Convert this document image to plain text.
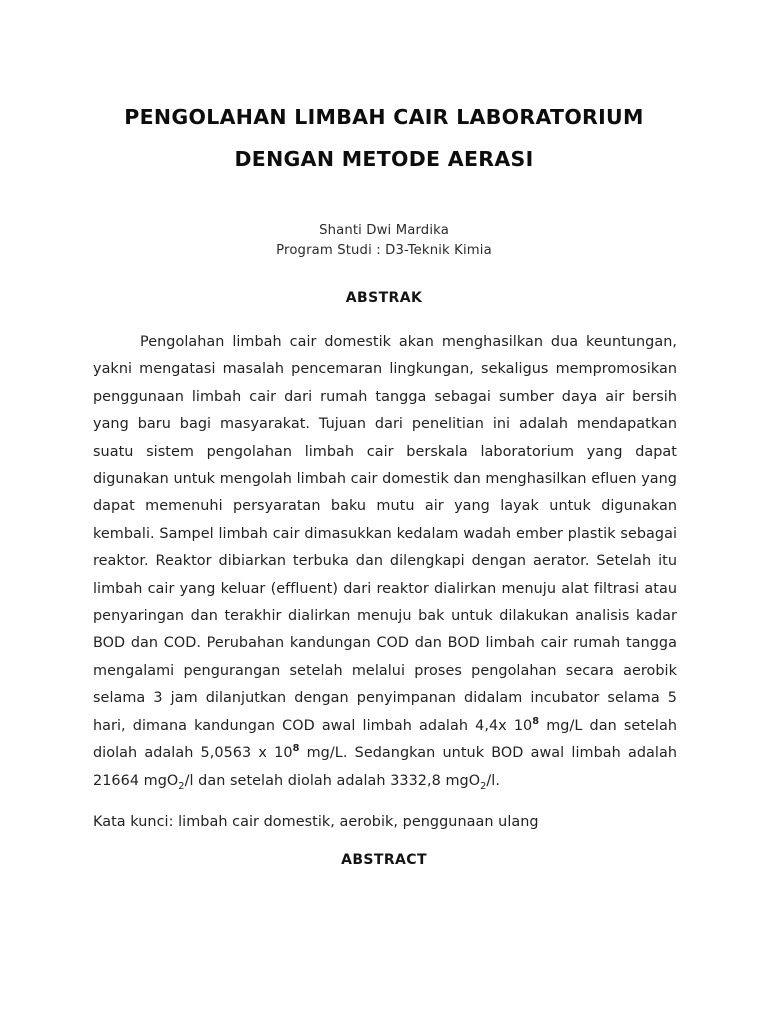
PENGOLAHAN LIMBAH CAIR LABORATORIUM
DENGAN METODE AERASI
Shanti Dwi Mardika
Program Studi : D3-Teknik Kimia
ABSTRAK

Pengolahan limbah cair domestik akan menghasilkan dua keuntungan, yakni mengatasi masalah pencemaran lingkungan, sekaligus mempromosikan penggunaan limbah cair dari rumah tangga sebagai sumber daya air bersih yang baru bagi masyarakat. Tujuan dari penelitian ini adalah mendapatkan suatu sistem pengolahan limbah cair berskala laboratorium yang dapat digunakan untuk mengolah limbah cair domestik dan menghasilkan efluen yang dapat memenuhi persyaratan baku mutu air yang layak untuk digunakan kembali. Sampel limbah cair dimasukkan kedalam wadah ember plastik sebagai reaktor. Reaktor dibiarkan terbuka dan dilengkapi dengan aerator. Setelah itu limbah cair yang keluar (effluent) dari reaktor dialirkan menuju alat filtrasi atau penyaringan dan terakhir dialirkan menuju bak untuk dilakukan analisis kadar BOD dan COD. Perubahan kandungan COD dan BOD limbah cair rumah tangga mengalami pengurangan setelah melalui proses pengolahan secara aerobik selama 3 jam dilanjutkan dengan penyimpanan didalam incubator selama 5 hari, dimana kandungan COD awal limbah adalah 4,4x $10^8$ mg/L dan setelah diolah adalah 5,0563 x $10^8$ mg/L. Sedangkan untuk BOD awal limbah adalah 21664 mgO$_2$/l dan setelah diolah adalah 3332,8 mgO$_2$/l.

Kata kunci: limbah cair domestik, aerobik, penggunaan ulang
ABSTRACT
